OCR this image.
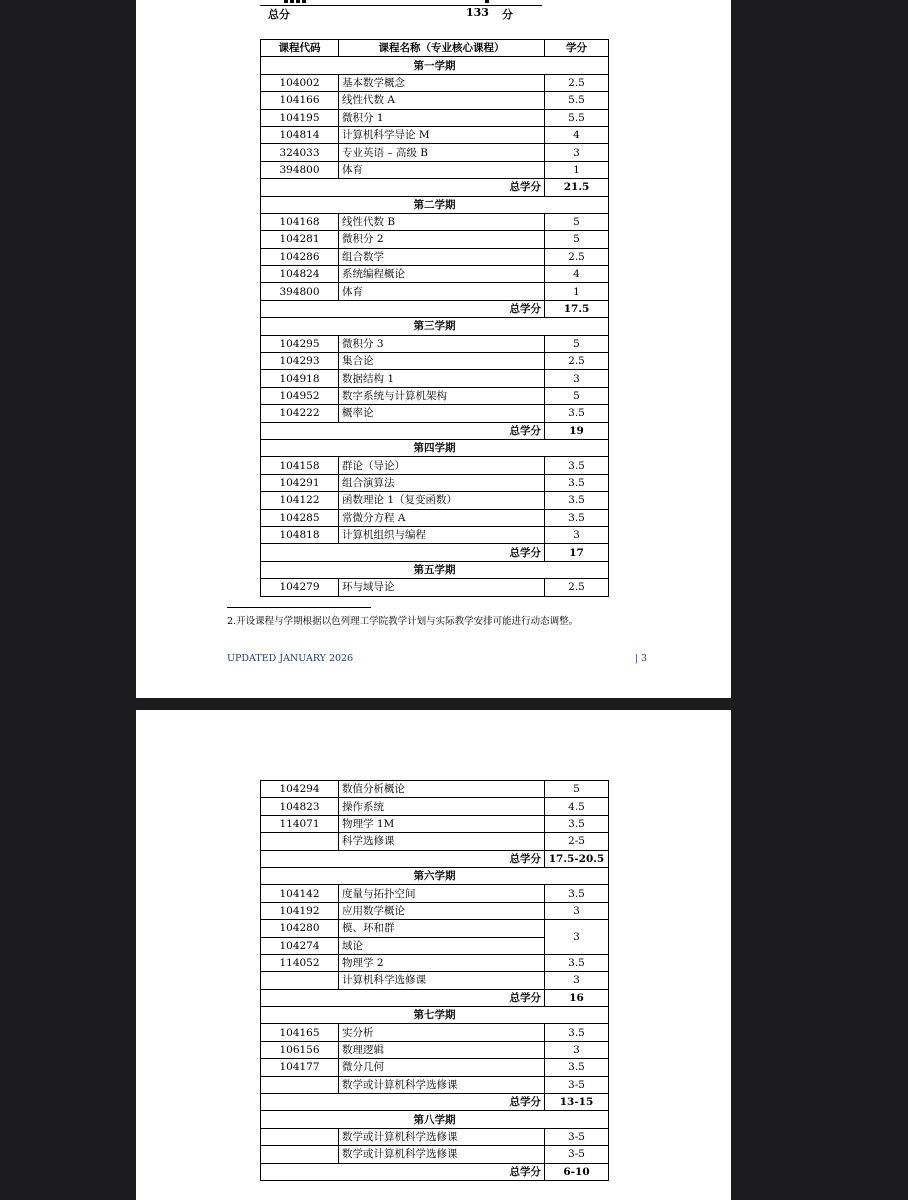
总分	133 分
课程代码	课程名称（专业核心课程）	学分
第一学期		
104002	基本数学概念	2.5
104166	线性代数 A	5.5
104195	微积分 1	5.5
104814	计算机科学导论 M	4
324033	专业英语 – 高级 B	3
394800	体育	1
总学分		21.5
第二学期		
104168	线性代数 B	5
104281	微积分 2	5
104286	组合数学	2.5
104824	系统编程概论	4
394800	体育	1
总学分		17.5
第三学期		
104295	微积分 3	5
104293	集合论	2.5
104918	数据结构 1	3
104952	数字系统与计算机架构	5
104222	概率论	3.5
总学分		19
第四学期		
104158	群论（导论）	3.5
104291	组合演算法	3.5
104122	函数理论 1（复变函数）	3.5
104285	常微分方程 A	3.5
104818	计算机组织与编程	3
总学分		17
第五学期		
104279	环与域导论	2.5
2.开设课程与学期根据以色列理工学院教学计划与实际教学安排可能进行动态调整。
UPDATED JANUARY 2026	| 3
104294	数值分析概论	5
104823	操作系统	4.5
114071	物理学 1M	3.5
	科学选修课	2-5
总学分		17.5-20.5
第六学期		
104142	度量与拓扑空间	3.5
104192	应用数学概论	3
104280	模、环和群	3
104274	域论	
114052	物理学 2	3.5
	计算机科学选修课	3
总学分		16
第七学期		
104165	实分析	3.5
106156	数理逻辑	3
104177	微分几何	3.5
	数学或计算机科学选修课	3-5
总学分		13-15
第八学期		
	数学或计算机科学选修课	3-5
	数学或计算机科学选修课	3-5
总学分		6-10
